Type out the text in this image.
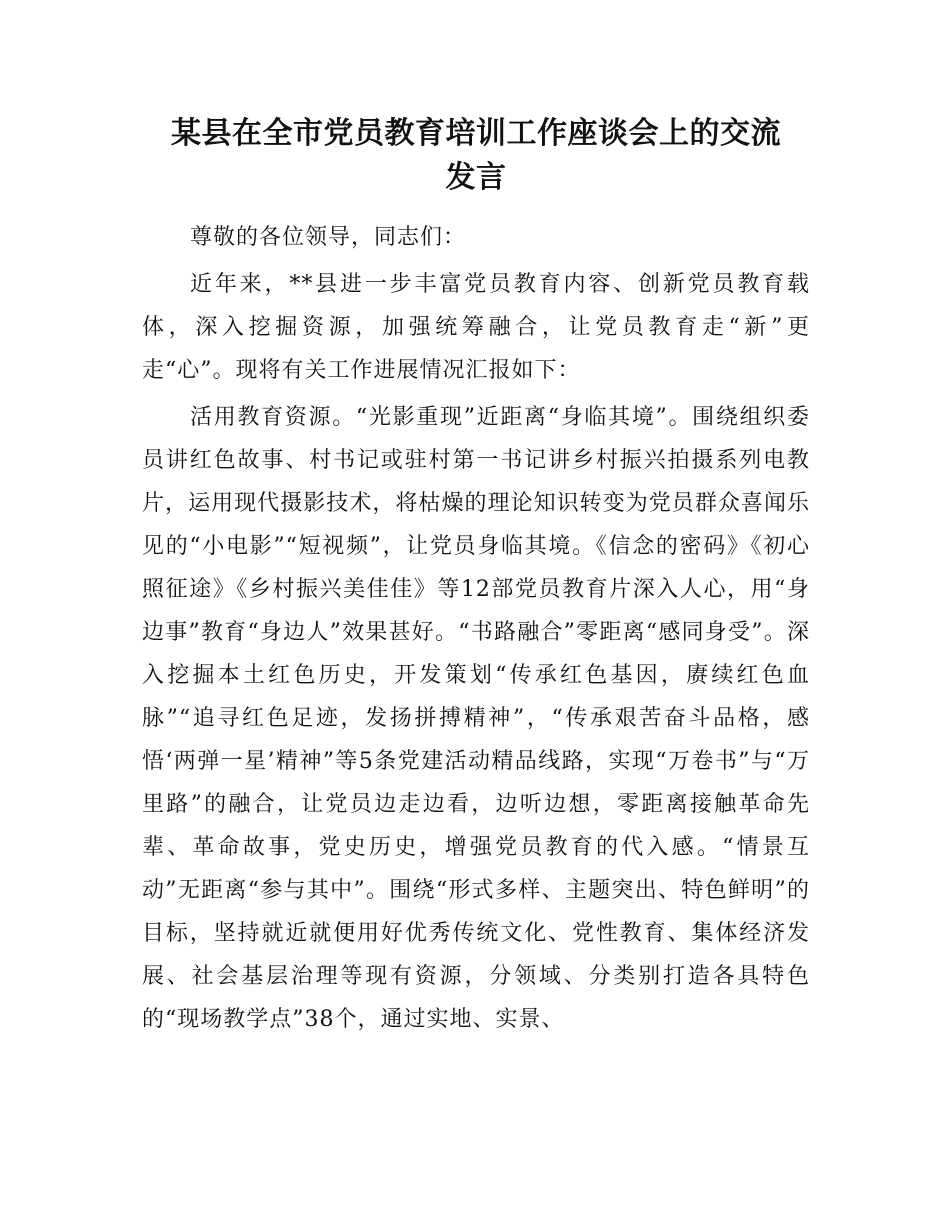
某县在全市党员教育培训工作座谈会上的交流
发言

尊敬的各位领导，同志们：

近年来，**县进一步丰富党员教育内容、创新党员教育载体，深入挖掘资源，加强统筹融合，让党员教育走“新”更走“心”。现将有关工作进展情况汇报如下：

活用教育资源。“光影重现”近距离“身临其境”。围绕组织委员讲红色故事、村书记或驻村第一书记讲乡村振兴拍摄系列电教片，运用现代摄影技术，将枯燥的理论知识转变为党员群众喜闻乐见的“小电影”“短视频”，让党员身临其境。《信念的密码》《初心照征途》《乡村振兴美佳佳》等12部党员教育片深入人心，用“身边事”教育“身边人”效果甚好。“书路融合”零距离“感同身受”。深入挖掘本土红色历史，开发策划“传承红色基因，赓续红色血脉”“追寻红色足迹，发扬拼搏精神”，“传承艰苦奋斗品格，感悟‘两弹一星’精神”等5条党建活动精品线路，实现“万卷书”与“万里路”的融合，让党员边走边看，边听边想，零距离接触革命先辈、革命故事，党史历史，增强党员教育的代入感。“情景互动”无距离“参与其中”。围绕“形式多样、主题突出、特色鲜明”的目标，坚持就近就便用好优秀传统文化、党性教育、集体经济发展、社会基层治理等现有资源，分领域、分类别打造各具特色的“现场教学点”38个，通过实地、实景、
